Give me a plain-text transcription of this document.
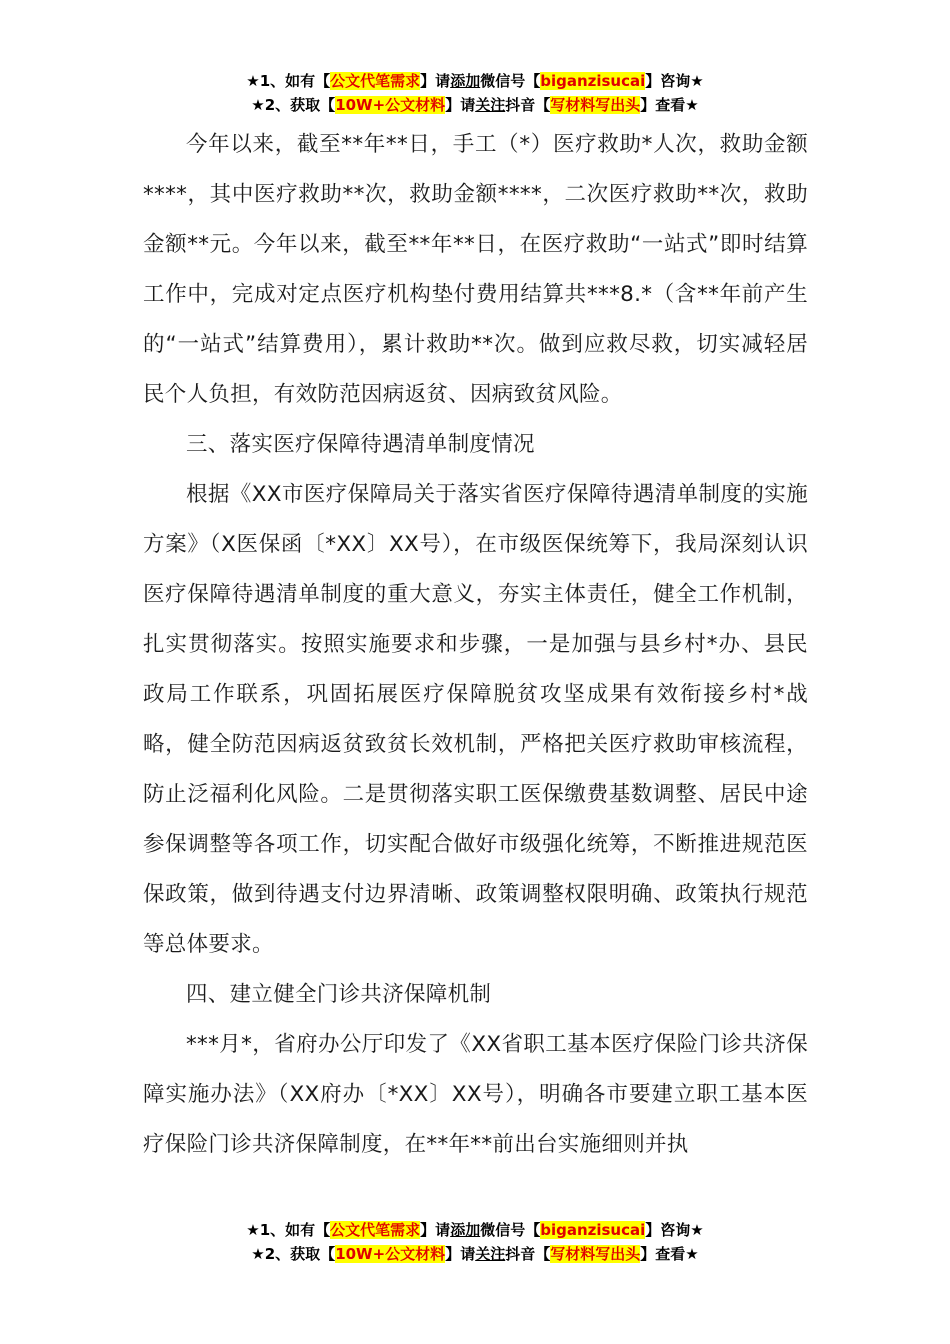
★1、如有【公文代笔需求】请添加微信号【biganzisucai】咨询★
★2、获取【10W+公文材料】请关注抖音【写材料写出头】查看★

今年以来，截至**年**日，手工（*）医疗救助*人次，救助金额****，其中医疗救助**次，救助金额****，二次医疗救助**次，救助金额**元。今年以来，截至**年**日，在医疗救助“一站式”即时结算工作中，完成对定点医疗机构垫付费用结算共***8.*（含**年前产生的“一站式”结算费用），累计救助**次。做到应救尽救，切实减轻居民个人负担，有效防范因病返贫、因病致贫风险。

三、落实医疗保障待遇清单制度情况

根据《XX市医疗保障局关于落实省医疗保障待遇清单制度的实施方案》（X医保函〔*XX〕XX号），在市级医保统筹下，我局深刻认识医疗保障待遇清单制度的重大意义，夯实主体责任，健全工作机制，扎实贯彻落实。按照实施要求和步骤，一是加强与县乡村*办、县民政局工作联系，巩固拓展医疗保障脱贫攻坚成果有效衔接乡村*战略，健全防范因病返贫致贫长效机制，严格把关医疗救助审核流程，防止泛福利化风险。二是贯彻落实职工医保缴费基数调整、居民中途参保调整等各项工作，切实配合做好市级强化统筹，不断推进规范医保政策，做到待遇支付边界清晰、政策调整权限明确、政策执行规范等总体要求。

四、建立健全门诊共济保障机制

***月*，省府办公厅印发了《XX省职工基本医疗保险门诊共济保障实施办法》（XX府办〔*XX〕XX号），明确各市要建立职工基本医疗保险门诊共济保障制度，在**年**前出台实施细则并执

★1、如有【公文代笔需求】请添加微信号【biganzisucai】咨询★
★2、获取【10W+公文材料】请关注抖音【写材料写出头】查看★
